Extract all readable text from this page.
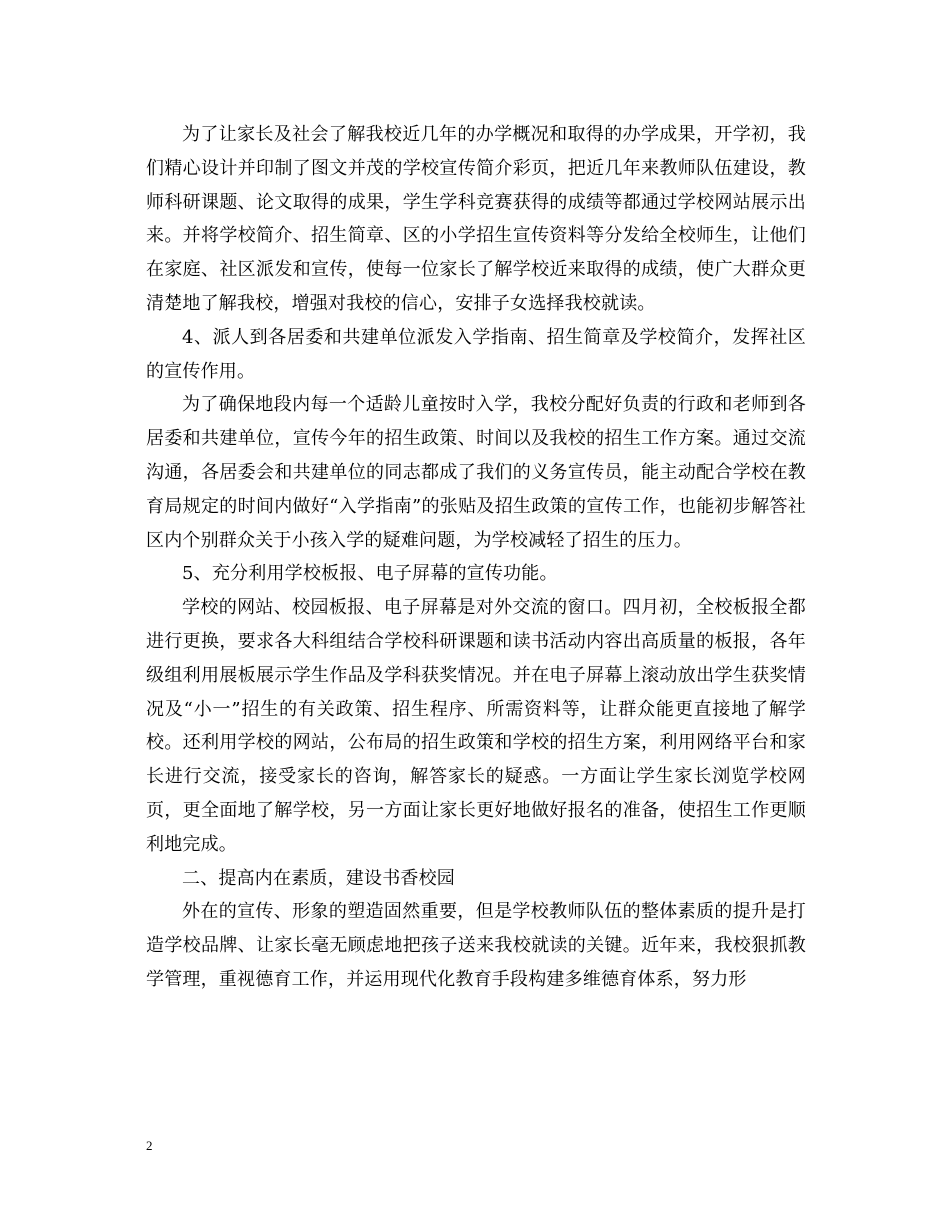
为了让家长及社会了解我校近几年的办学概况和取得的办学成果，开学初，我们精心设计并印制了图文并茂的学校宣传简介彩页，把近几年来教师队伍建设，教师科研课题、论文取得的成果，学生学科竞赛获得的成绩等都通过学校网站展示出来。并将学校简介、招生简章、区的小学招生宣传资料等分发给全校师生，让他们在家庭、社区派发和宣传，使每一位家长了解学校近来取得的成绩，使广大群众更清楚地了解我校，增强对我校的信心，安排子女选择我校就读。

4、派人到各居委和共建单位派发入学指南、招生简章及学校简介，发挥社区的宣传作用。

为了确保地段内每一个适龄儿童按时入学，我校分配好负责的行政和老师到各居委和共建单位，宣传今年的招生政策、时间以及我校的招生工作方案。通过交流沟通，各居委会和共建单位的同志都成了我们的义务宣传员，能主动配合学校在教育局规定的时间内做好“入学指南”的张贴及招生政策的宣传工作，也能初步解答社区内个别群众关于小孩入学的疑难问题，为学校减轻了招生的压力。

5、充分利用学校板报、电子屏幕的宣传功能。

学校的网站、校园板报、电子屏幕是对外交流的窗口。四月初，全校板报全都进行更换，要求各大科组结合学校科研课题和读书活动内容出高质量的板报，各年级组利用展板展示学生作品及学科获奖情况。并在电子屏幕上滚动放出学生获奖情况及“小一”招生的有关政策、招生程序、所需资料等，让群众能更直接地了解学校。还利用学校的网站，公布局的招生政策和学校的招生方案，利用网络平台和家长进行交流，接受家长的咨询，解答家长的疑惑。一方面让学生家长浏览学校网页，更全面地了解学校，另一方面让家长更好地做好报名的准备，使招生工作更顺利地完成。

二、提高内在素质，建设书香校园

外在的宣传、形象的塑造固然重要，但是学校教师队伍的整体素质的提升是打造学校品牌、让家长毫无顾虑地把孩子送来我校就读的关键。近年来，我校狠抓教学管理，重视德育工作，并运用现代化教育手段构建多维德育体系，努力形

2
